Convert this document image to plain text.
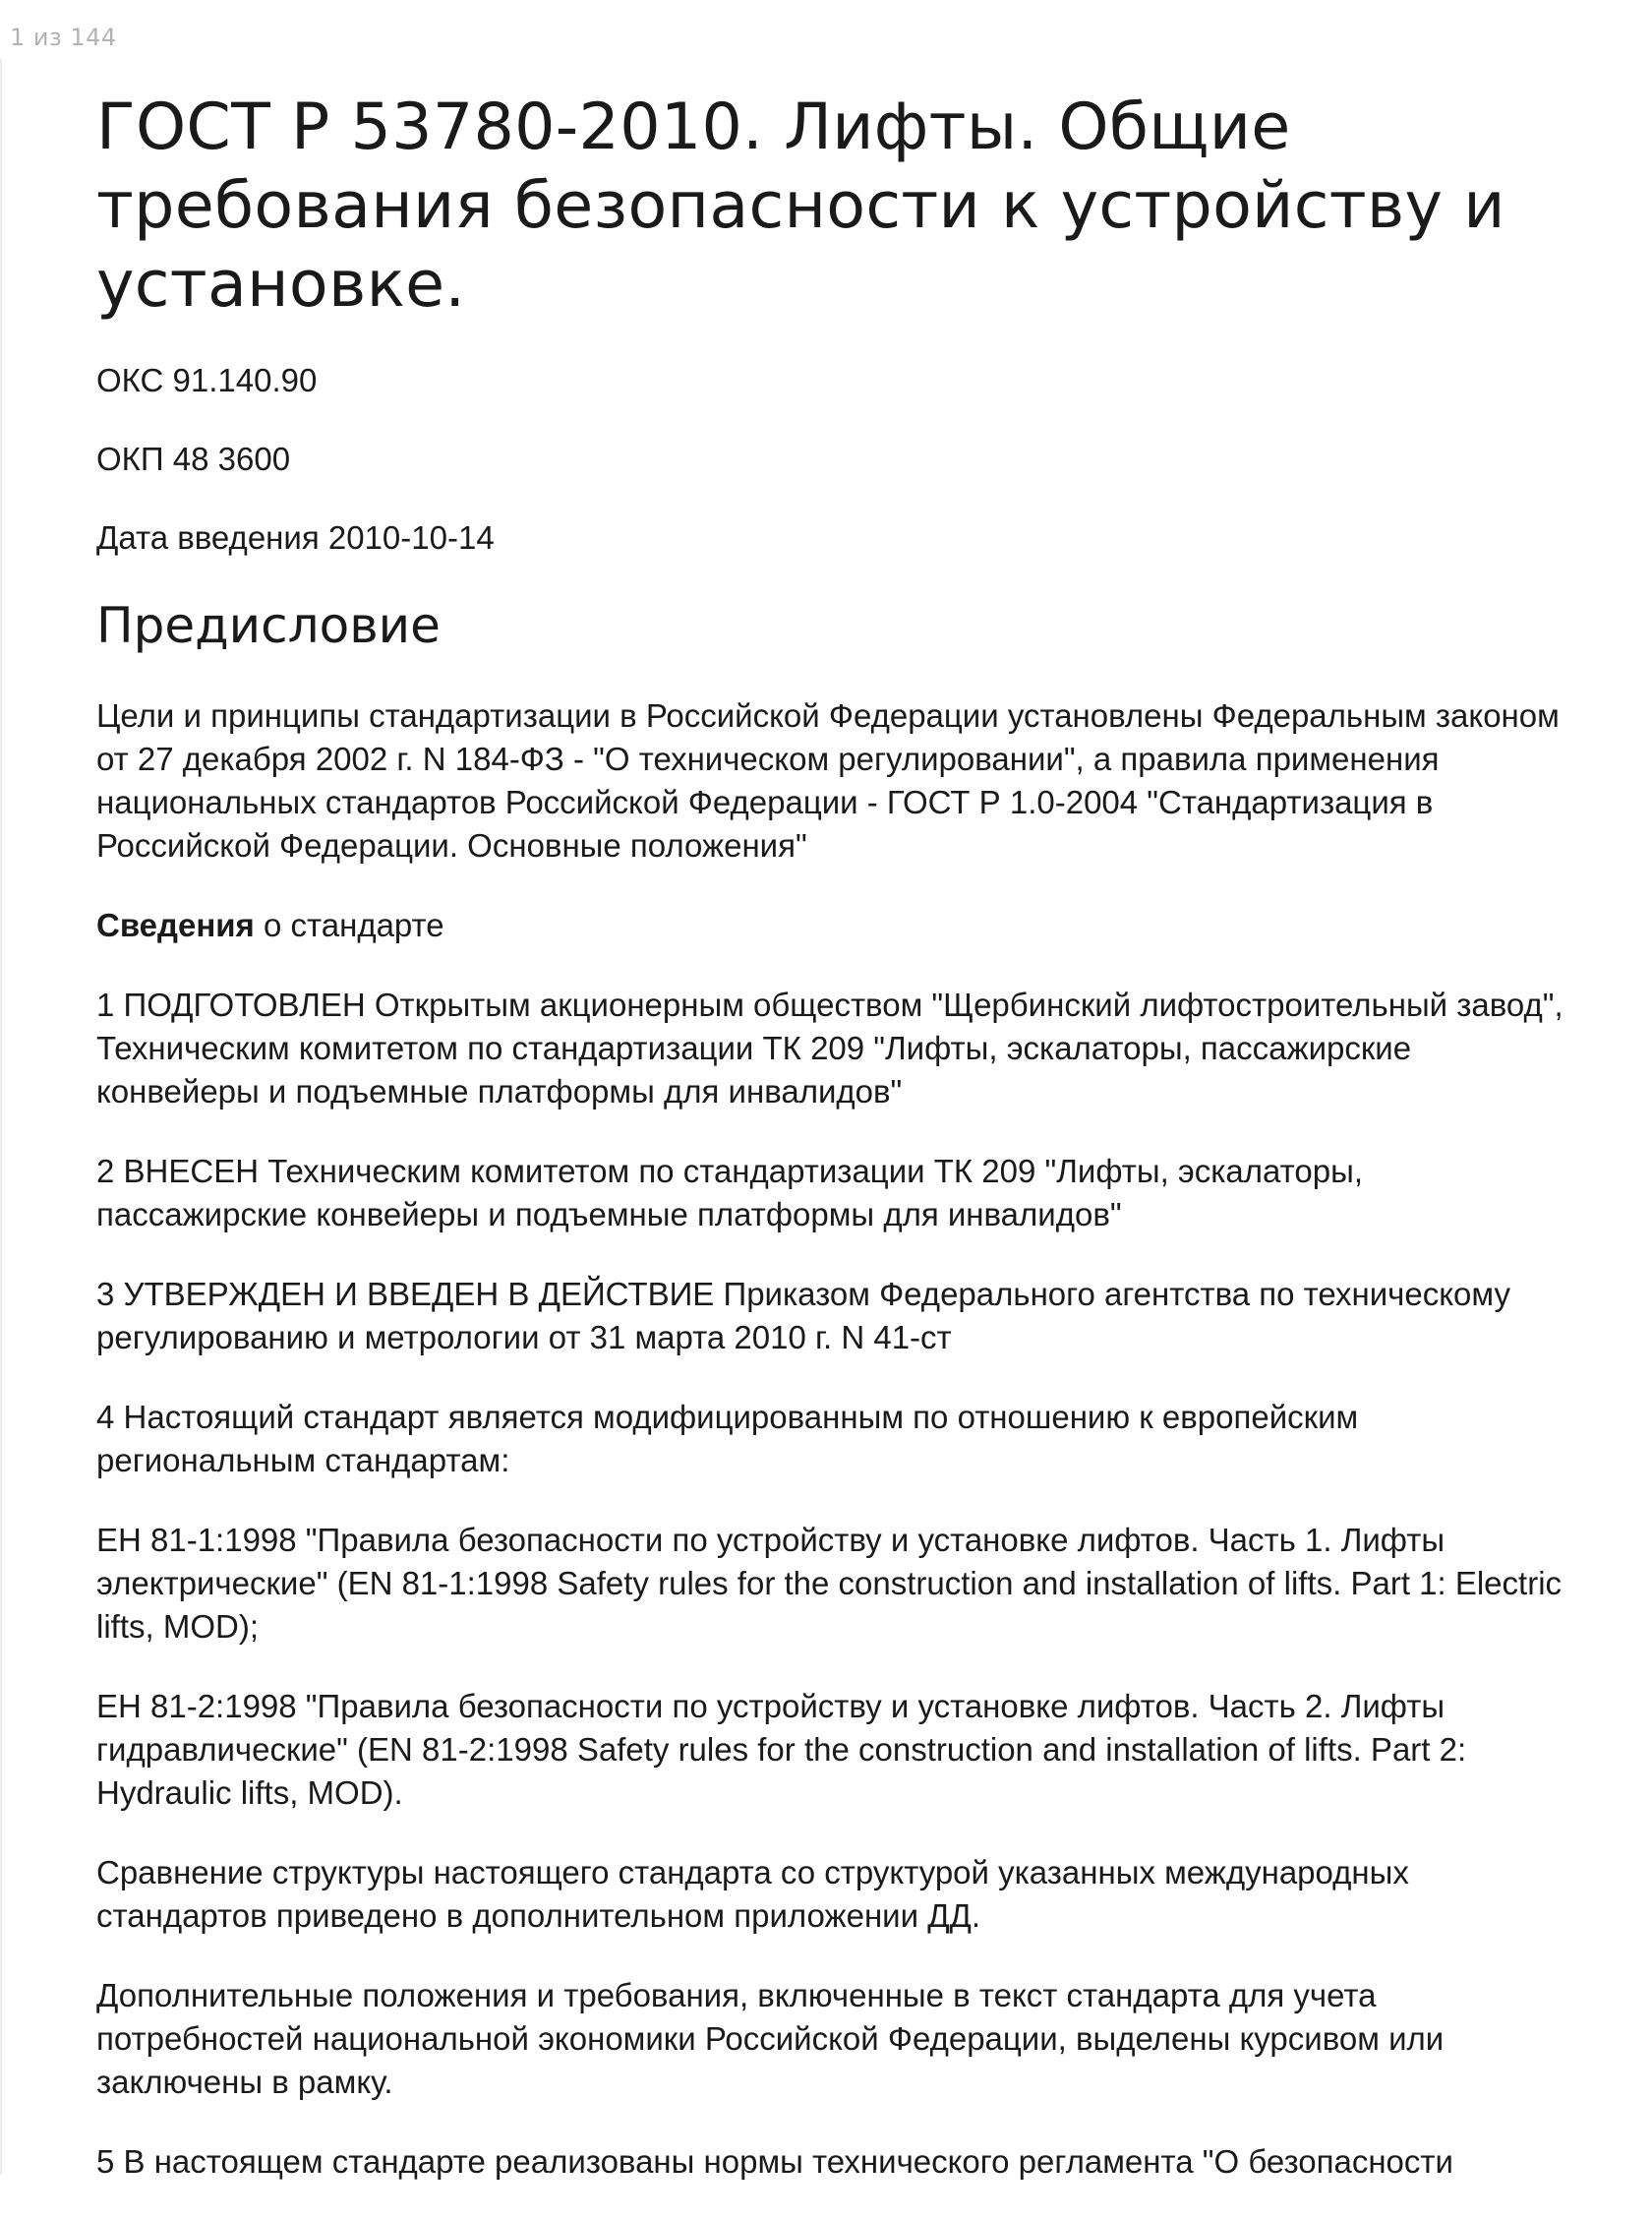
1 из 144
ГОСТ Р 53780-2010. Лифты. Общие требования безопасности к устройству и установке.

ОКС 91.140.90

ОКП 48 3600

Дата введения 2010-10-14

Предисловие

Цели и принципы стандартизации в Российской Федерации установлены Федеральным законом от 27 декабря 2002 г. N 184-ФЗ - "О техническом регулировании", а правила применения национальных стандартов Российской Федерации - ГОСТ Р 1.0-2004 "Стандартизация в Российской Федерации. Основные положения"

Сведения о стандарте

1 ПОДГОТОВЛЕН Открытым акционерным обществом "Щербинский лифтостроительный завод", Техническим комитетом по стандартизации ТК 209 "Лифты, эскалаторы, пассажирские конвейеры и подъемные платформы для инвалидов"

2 ВНЕСЕН Техническим комитетом по стандартизации ТК 209 "Лифты, эскалаторы, пассажирские конвейеры и подъемные платформы для инвалидов"

3 УТВЕРЖДЕН И ВВЕДЕН В ДЕЙСТВИЕ Приказом Федерального агентства по техническому регулированию и метрологии от 31 марта 2010 г. N 41-ст

4 Настоящий стандарт является модифицированным по отношению к европейским региональным стандартам:

ЕН 81-1:1998 "Правила безопасности по устройству и установке лифтов. Часть 1. Лифты электрические" (EN 81-1:1998 Safety rules for the construction and installation of lifts. Part 1: Electric lifts, MOD);

ЕН 81-2:1998 "Правила безопасности по устройству и установке лифтов. Часть 2. Лифты гидравлические" (EN 81-2:1998 Safety rules for the construction and installation of lifts. Part 2: Hydraulic lifts, MOD).

Сравнение структуры настоящего стандарта со структурой указанных международных стандартов приведено в дополнительном приложении ДД.

Дополнительные положения и требования, включенные в текст стандарта для учета потребностей национальной экономики Российской Федерации, выделены курсивом или заключены в рамку.

5 В настоящем стандарте реализованы нормы технического регламента "О безопасности
